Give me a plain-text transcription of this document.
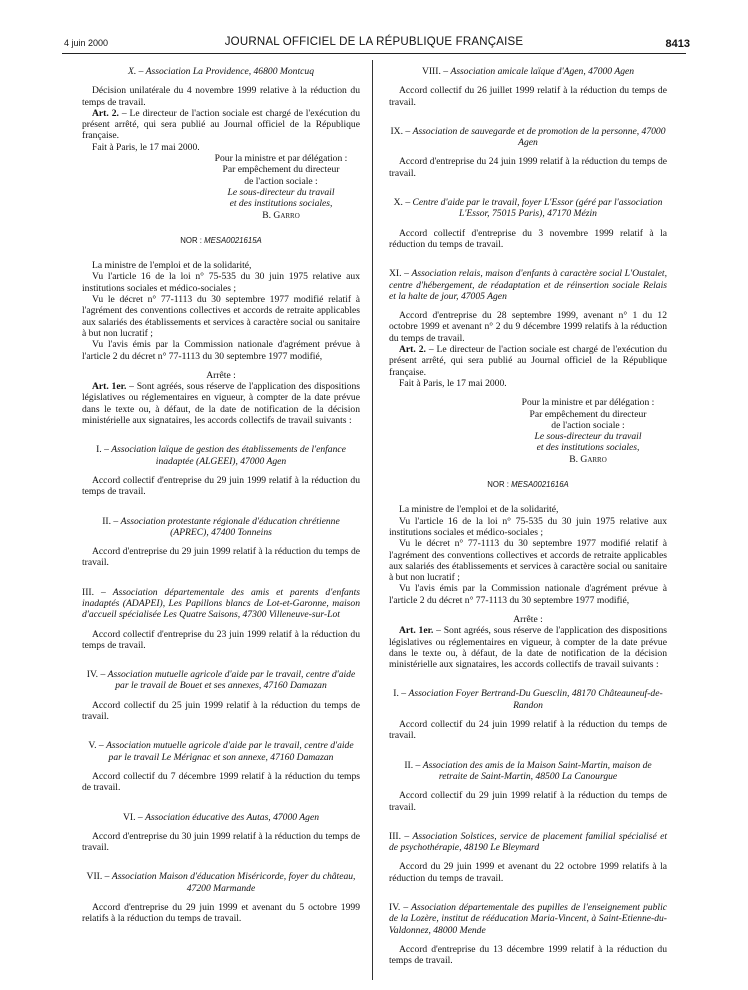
4 juin 2000	JOURNAL OFFICIEL DE LA RÉPUBLIQUE FRANÇAISE	8413

X. – Association La Providence, 46800 Montcuq

Décision unilatérale du 4 novembre 1999 relative à la réduction du temps de travail.

Art. 2. – Le directeur de l'action sociale est chargé de l'exécution du présent arrêté, qui sera publié au Journal officiel de la République française.

Fait à Paris, le 17 mai 2000.

Pour la ministre et par délégation :

Par empêchement du directeur

de l'action sociale :

Le sous-directeur du travail

et des institutions sociales,

B. Garro

NOR : MESA0021615A

La ministre de l'emploi et de la solidarité,

Vu l'article 16 de la loi n° 75-535 du 30 juin 1975 relative aux institutions sociales et médico-sociales ;

Vu le décret n° 77-1113 du 30 septembre 1977 modifié relatif à l'agrément des conventions collectives et accords de retraite applicables aux salariés des établissements et services à caractère social ou sanitaire à but non lucratif ;

Vu l'avis émis par la Commission nationale d'agrément prévue à l'article 2 du décret n° 77-1113 du 30 septembre 1977 modifié,

Arrête :

Art. 1er. – Sont agréés, sous réserve de l'application des dispositions législatives ou réglementaires en vigueur, à compter de la date prévue dans le texte ou, à défaut, de la date de notification de la décision ministérielle aux signataires, les accords collectifs de travail suivants :

I. – Association laïque de gestion des établissements de l'enfance inadaptée (ALGEEI), 47000 Agen

Accord collectif d'entreprise du 29 juin 1999 relatif à la réduction du temps de travail.

II. – Association protestante régionale d'éducation chrétienne (APREC), 47400 Tonneins

Accord d'entreprise du 29 juin 1999 relatif à la réduction du temps de travail.

III. – Association départementale des amis et parents d'enfants inadaptés (ADAPEI), Les Papillons blancs de Lot-et-Garonne, maison d'accueil spécialisée Les Quatre Saisons, 47300 Villeneuve-sur-Lot

Accord collectif d'entreprise du 23 juin 1999 relatif à la réduction du temps de travail.

IV. – Association mutuelle agricole d'aide par le travail, centre d'aide par le travail de Bouet et ses annexes, 47160 Damazan

Accord collectif du 25 juin 1999 relatif à la réduction du temps de travail.

V. – Association mutuelle agricole d'aide par le travail, centre d'aide par le travail Le Mérignac et son annexe, 47160 Damazan

Accord collectif du 7 décembre 1999 relatif à la réduction du temps de travail.

VI. – Association éducative des Autas, 47000 Agen

Accord d'entreprise du 30 juin 1999 relatif à la réduction du temps de travail.

VII. – Association Maison d'éducation Miséricorde, foyer du château, 47200 Marmande

Accord d'entreprise du 29 juin 1999 et avenant du 5 octobre 1999 relatifs à la réduction du temps de travail.

VIII. – Association amicale laïque d'Agen, 47000 Agen

Accord collectif du 26 juillet 1999 relatif à la réduction du temps de travail.

IX. – Association de sauvegarde et de promotion de la personne, 47000 Agen

Accord d'entreprise du 24 juin 1999 relatif à la réduction du temps de travail.

X. – Centre d'aide par le travail, foyer L'Essor (géré par l'association L'Essor, 75015 Paris), 47170 Mézin

Accord collectif d'entreprise du 3 novembre 1999 relatif à la réduction du temps de travail.

XI. – Association relais, maison d'enfants à caractère social L'Oustalet, centre d'hébergement, de réadaptation et de réinsertion sociale Relais et la halte de jour, 47005 Agen

Accord d'entreprise du 28 septembre 1999, avenant n° 1 du 12 octobre 1999 et avenant n° 2 du 9 décembre 1999 relatifs à la réduction du temps de travail.

Art. 2. – Le directeur de l'action sociale est chargé de l'exécution du présent arrêté, qui sera publié au Journal officiel de la République française.

Fait à Paris, le 17 mai 2000.

Pour la ministre et par délégation :

Par empêchement du directeur

de l'action sociale :

Le sous-directeur du travail

et des institutions sociales,

B. Garro

NOR : MESA0021616A

La ministre de l'emploi et de la solidarité,

Vu l'article 16 de la loi n° 75-535 du 30 juin 1975 relative aux institutions sociales et médico-sociales ;

Vu le décret n° 77-1113 du 30 septembre 1977 modifié relatif à l'agrément des conventions collectives et accords de retraite applicables aux salariés des établissements et services à caractère social ou sanitaire à but non lucratif ;

Vu l'avis émis par la Commission nationale d'agrément prévue à l'article 2 du décret n° 77-1113 du 30 septembre 1977 modifié,

Arrête :

Art. 1er. – Sont agréés, sous réserve de l'application des dispositions législatives ou réglementaires en vigueur, à compter de la date prévue dans le texte ou, à défaut, de la date de notification de la décision ministérielle aux signataires, les accords collectifs de travail suivants :

I. – Association Foyer Bertrand-Du Guesclin, 48170 Châteauneuf-de-Randon

Accord collectif du 24 juin 1999 relatif à la réduction du temps de travail.

II. – Association des amis de la Maison Saint-Martin, maison de retraite de Saint-Martin, 48500 La Canourgue

Accord collectif du 29 juin 1999 relatif à la réduction du temps de travail.

III. – Association Solstices, service de placement familial spécialisé et de psychothérapie, 48190 Le Bleymard

Accord du 29 juin 1999 et avenant du 22 octobre 1999 relatifs à la réduction du temps de travail.

IV. – Association départementale des pupilles de l'enseignement public de la Lozère, institut de rééducation Maria-Vincent, à Saint-Etienne-du-Valdonnez, 48000 Mende

Accord d'entreprise du 13 décembre 1999 relatif à la réduction du temps de travail.
